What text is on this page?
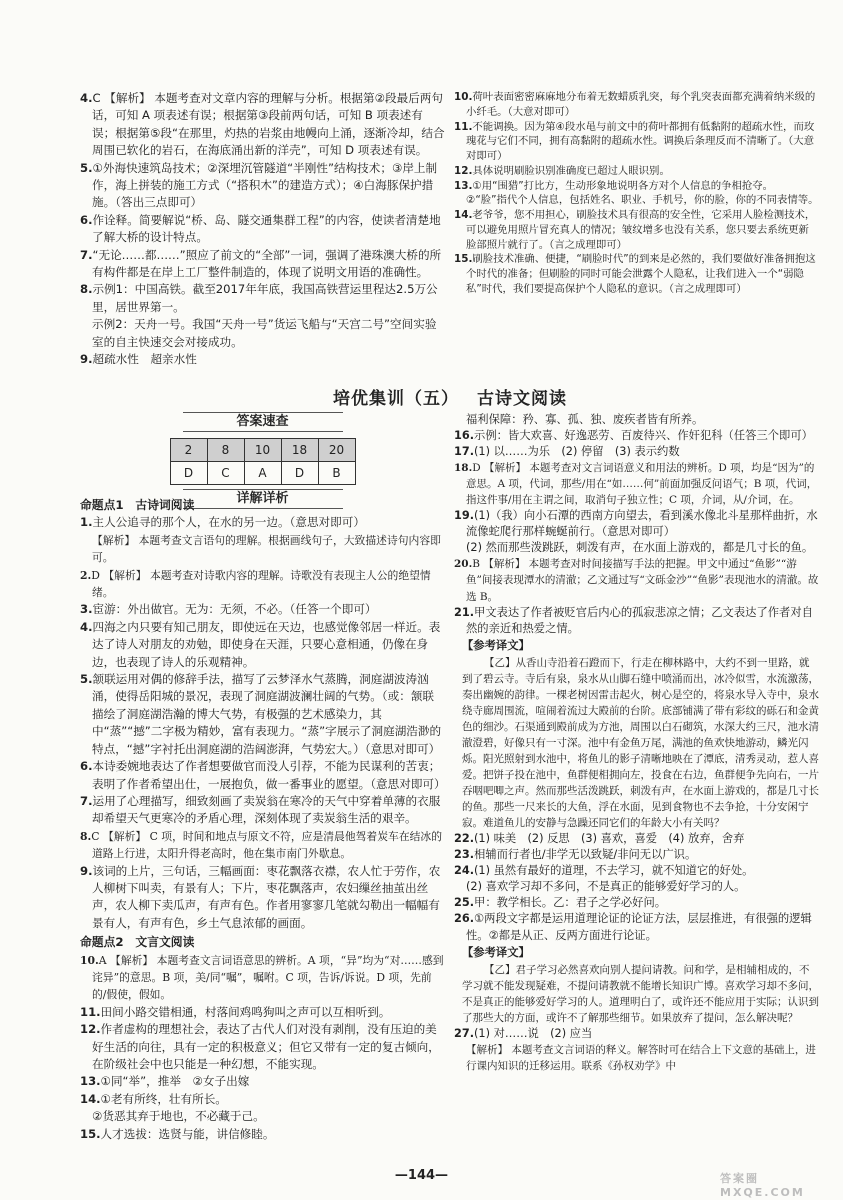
4.C 【解析】 本题考查对文章内容的理解与分析。根据第②段最后两句话，可知 A 项表述有误；根据第③段前两句话，可知 B 项表述有误；根据第⑤段“在那里，灼热的岩浆由地幔向上涌，逐渐冷却，结合周围已软化的岩石，在海底涌出新的洋壳”，可知 D 项表述有误。

5.①外海快速筑岛技术；②深埋沉管隧道“半刚性”结构技术；③岸上制作，海上拼装的施工方式（“搭积木”的建造方式）；④白海豚保护措施。（答出三点即可）

6.作诠释。简要解说“桥、岛、隧交通集群工程”的内容，使读者清楚地了解大桥的设计特点。

7.“无论……都……”照应了前文的“全部”一词，强调了港珠澳大桥的所有构件都是在岸上工厂整件制造的，体现了说明文用语的准确性。

8.示例1：中国高铁。截至2017年年底，我国高铁营运里程达2.5万公里，居世界第一。

示例2：天舟一号。我国“天舟一号”货运飞船与“天宫二号”空间实验室的自主快速交会对接成功。

9.超疏水性　超亲水性

10.荷叶表面密密麻麻地分布着无数蜡质乳突，每个乳突表面都充满着纳米级的小纤毛。（大意对即可）

11.不能调换。因为第④段水黾与前文中的荷叶都拥有低黏附的超疏水性，而玫瑰花与它们不同，拥有高黏附的超疏水性。调换后条理反而不清晰了。（大意对即可）

12.具体说明刷脸识别准确度已超过人眼识别。

13.①用“围猎”打比方，生动形象地说明各方对个人信息的争相抢夺。

②“脸”指代个人信息，包括姓名、职业、手机号，你的脸，你的不同表情等。

14.老爷爷，您不用担心，刷脸技术具有很高的安全性，它采用人脸检测技术，可以避免用照片冒充真人的情况；皱纹增多也没有关系，您只要去系统更新脸部照片就行了。（言之成理即可）

15.刷脸技术准确、便捷，“刷脸时代”的到来是必然的，我们要做好准备拥抱这个时代的准备；但刷脸的同时可能会泄露个人隐私，让我们进入一个“弱隐私”时代，我们要提高保护个人隐私的意识。（言之成理即可）

培优集训（五） 古诗文阅读
答案速查
2	8	10	18	20
D	C	A	D	B
详解详析

命题点1　古诗词阅读

1.主人公追寻的那个人，在水的另一边。（意思对即可）

【解析】 本题考查文言语句的理解。根据画线句子，大致描述诗句内容即可。

2.D 【解析】 本题考查对诗歌内容的理解。诗歌没有表现主人公的绝望情绪。

3.宦游：外出做官。无为：无须，不必。（任答一个即可）

4.四海之内只要有知己朋友，即使远在天边，也感觉像邻居一样近。表达了诗人对朋友的劝勉，即使身在天涯，只要心意相通，仍像在身边，也表现了诗人的乐观精神。

5.颔联运用对偶的修辞手法，描写了云梦泽水气蒸腾，洞庭湖波涛汹涌，使得岳阳城的景况，表现了洞庭湖波澜壮阔的气势。（或：颔联描绘了洞庭湖浩瀚的博大气势，有极强的艺术感染力，其中“蒸”“撼”二字极为精妙，富有表现力。“蒸”字展示了洞庭湖浩渺的特点，“撼”字衬托出洞庭湖的浩阔澎湃，气势宏大。）（意思对即可）

6.本诗委婉地表达了作者想要做官而没人引荐，不能为民谋利的苦衷；表明了作者希望出仕，一展抱负，做一番事业的愿望。（意思对即可）

7.运用了心理描写，细致刻画了卖炭翁在寒冷的天气中穿着单薄的衣服却希望天气更寒冷的矛盾心理，深刻体现了卖炭翁生活的艰辛。

8.C 【解析】 C 项，时间和地点与原文不符，应是清晨他驾着炭车在结冰的道路上行进，太阳升得老高时，他在集市南门外歇息。

9.该词的上片，三句话，三幅画面：枣花飘落衣襟，农人忙于劳作，农人柳树下叫卖，有景有人；下片，枣花飘落声，农妇缫丝抽茧出丝声，农人柳下卖瓜声，有声有色。作者用寥寥几笔就勾勒出一幅幅有景有人，有声有色，乡土气息浓郁的画面。

命题点2　文言文阅读

10.A 【解析】 本题考查文言词语意思的辨析。A 项，“异”均为“对……感到诧异”的意思。B 项，美/同“嘱”，嘱咐。C 项，告诉/诉说。D 项，先前的/假使，假如。

11.田间小路交错相通，村落间鸡鸣狗叫之声可以互相听到。

12.作者虚构的理想社会，表达了古代人们对没有剥削，没有压迫的美好生活的向往，具有一定的积极意义；但它又带有一定的复古倾向，在阶级社会中也只能是一种幻想，不能实现。

13.①同“举”，推举　②女子出嫁

14.①老有所终，壮有所长。

②货恶其弃于地也，不必藏于己。

15.人才选拔：选贤与能，讲信修睦。

福利保障：矜、寡、孤、独、废疾者皆有所养。

16.示例：皆大欢喜、好逸恶劳、百废待兴、作奸犯科（任答三个即可）

17.(1) 以……为乐　(2) 停留　(3) 表示约数

18.D 【解析】 本题考查对文言词语意义和用法的辨析。D 项，均是“因为”的意思。A 项，代词，那些/用在“如……何”前面加强反问语气；B 项，代词，指这件事/用在主谓之间，取消句子独立性；C 项，介词，从/介词，在。

19.(1)（我）向小石潭的西南方向望去，看到溪水像北斗星那样曲折，水流像蛇爬行那样蜿蜒前行。（意思对即可）

(2) 然而那些泼跳跃，刺泼有声，在水面上游戏的，都是几寸长的鱼。

20.B 【解析】 本题考查对时间接描写手法的把握。甲文中通过“鱼影”“游鱼”间接表现潭水的清澈；乙文通过写“文砾金沙”“鱼影”表现池水的清澈。故选 B。

21.甲文表达了作者被贬官后内心的孤寂悲凉之情；乙文表达了作者对自然的亲近和热爱之情。

【参考译文】

【乙】从香山寺沿着石蹬而下，行走在柳林路中，大约不到一里路，就到了碧云寺。寺后有泉，泉水从山脚石缝中喷涌而出，冰冷似雪，水流激荡，奏出幽婉的韵律。一棵老树因雷击起火，树心是空的，将泉水导入寺中，泉水绕寺廊周围流，喧闹着流过大殿前的台阶。底部铺满了带有彩纹的砾石和金黄色的细沙。石渠通到殿前成为方池，周围以白石砌筑，水深大约三尺，池水清澈澄碧，好像只有一寸深。池中有金鱼万尾，满池的鱼欢快地游动，鳞光闪烁。阳光照射到水池中，将鱼儿的影子清晰地映在了潭底，清秀灵动，惹人喜爱。把饼子投在池中，鱼群便相拥向左，投食在右边，鱼群便争先向右，一片吞咽吧唧之声。然而那些活泼跳跃，刺泼有声，在水面上游戏的，都是几寸长的鱼。那些一尺来长的大鱼，浮在水面，见到食物也不去争抢，十分安闲宁寂。难道鱼儿的安静与急躁还同它们的年龄大小有关吗？

22.(1) 味美　(2) 反思　(3) 喜欢，喜爱　(4) 放弃，舍弃

23.相辅而行者也/非学无以致疑/非问无以广识。

24.(1) 虽然有最好的道理，不去学习，就不知道它的好处。

(2) 喜欢学习却不多问，不是真正的能够爱好学习的人。

25.甲：教学相长。乙：君子之学必好问。

26.①两段文字都是运用道理论证的论证方法，层层推进，有很强的逻辑性。②都是从正、反两方面进行论证。

【参考译文】

【乙】君子学习必然喜欢向别人提问请教。问和学，是相辅相成的，不学习就不能发现疑难，不提问请教就不能增长知识广博。喜欢学习却不多问，不是真正的能够爱好学习的人。道理明白了，或许还不能应用于实际；认识到了那些大的方面，或许不了解那些细节。如果放弃了提问，怎么解决呢？

27.(1) 对……说　(2) 应当

【解析】 本题考查文言词语的释义。解答时可在结合上下文意的基础上，进行课内知识的迁移运用。联系《孙权劝学》中

—144—	答案圈 MXQE.COM
